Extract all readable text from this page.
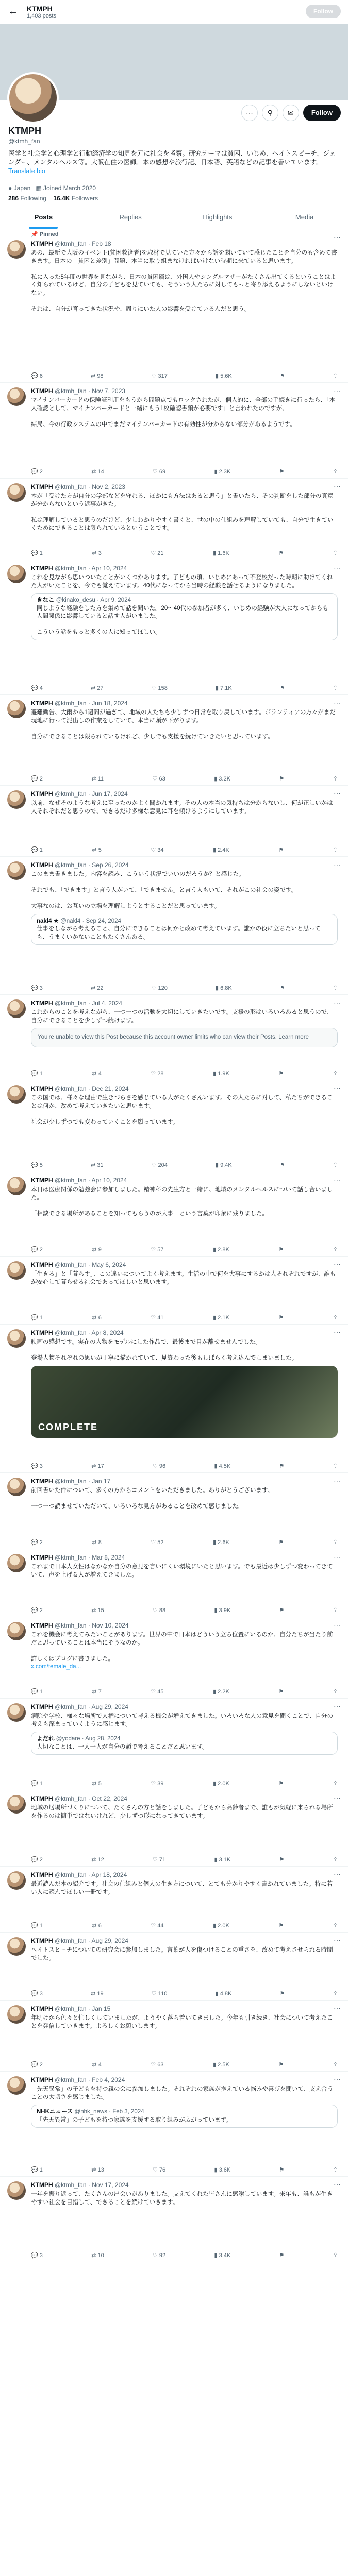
← KTMPH
1,403 posts
Follow
⋯	⚲	✉	Follow
KTMPH
@ktmh_fan
医学と社会学と心理学と行動経済学の知見を元に社会を考察。研究テーマは貧困、いじめ、ヘイトスピーチ、ジェンダー、メンタルヘルス等。大阪在住の医師。本の感想や旅行記、日本語、英語などの記事を書いています。
Translate bio
● Japan ▦ Joined March 2020
286 Following 16.4K Followers
Posts	Replies	Highlights	Media
📌 Pinned
KTMPH @ktmh_fan · Feb 18
⋯
あの、最新で大阪のイベント(貧困救済者)を取材で見ていた方々から話を聞いていて感じたことを自分のも含めて書きます。日本の「貧困と差別」問題、本当に取り組まなければいけない時期に来ていると思います。

私に入った5年間の世界を見ながら、日本の貧困層は、外国人やシングルマザーがたくさん出てくるということはよく知られているけど、自分の子どもを見ていても、そういう人たちに対してもっと寄り添えるようにしないといけない。

それは、自分が育ってきた状況や、周りにいた人の影響を受けているんだと思う。
💬 6	⇄ 98	♡ 317	▮ 5.6K	⚑	⇪
KTMPH @ktmh_fan · Nov 7, 2023	⋯
マイナンバーカードの保険証利用をもうから問題点でもロックされたが、個人的に、全部の手続きに行ったら、「本人確認として、マイナンバーカードと一緒にもう1枚確認書類が必要です」と言われたのですが、

結局、今の行政システムの中でまだマイナンバーカードの有効性が分からない部分があるようです。
💬 2	⇄ 14	♡ 69	▮ 2.3K	⚑	⇪
KTMPH @ktmh_fan · Nov 2, 2023	⋯
本が「受けた方が自分の学部などを守れる、ほかにも方法はあると思う」と書いたら、その判断をした部分の真意が分からないという返事がきた。

私は理解していると思うのだけど、少しわかりやすく書くと、世の中の仕組みを理解していても、自分で生きていくためにできることは限られているということです。
💬 1	⇄ 3	♡ 21	▮ 1.6K	⚑	⇪
KTMPH @ktmh_fan · Apr 10, 2024	⋯
これを見ながら思いついたことがいくつかあります。子どもの頃、いじめにあって不登校だった時期に助けてくれた人がいたことを、今でも覚えています。40代になってから当時の経験を話せるようになりました。
きなこ @kinako_desu · Apr 9, 2024
同じような経験をした方を集めて話を聞いた。20〜40代の参加者が多く、いじめの経験が大人になってからも人間関係に影響していると話す人がいました。

こういう話をもっと多くの人に知ってほしい。
💬 4	⇄ 27	♡ 158	▮ 7.1K	⚑	⇪
KTMPH @ktmh_fan · Jun 18, 2024	⋯
避難勧告、大雨から1週間が過ぎて、地域の人たちも少しずつ日常を取り戻しています。ボランティアの方々がまだ現地に行って泥出しの作業をしていて、本当に頭が下がります。

自分にできることは限られているけれど、少しでも支援を続けていきたいと思っています。
💬 2	⇄ 11	♡ 63	▮ 3.2K	⚑	⇪
KTMPH @ktmh_fan · Jun 17, 2024	⋯
以前、なぜそのような考えに至ったのかよく聞かれます。その人の本当の気持ちは分からないし、何が正しいかは人それぞれだと思うので、できるだけ多様な意見に耳を傾けるようにしています。
💬 1	⇄ 5	♡ 34	▮ 2.4K	⚑	⇪
KTMPH @ktmh_fan · Sep 26, 2024	⋯
このまま書きました。内容を読み、こういう状況でいいのだろうか？と感じた。

それでも、「できます」と言う人がいて、「できません」と言う人もいて、それがこの社会の姿です。

大事なのは、お互いの立場を理解しようとすることだと思っています。
nakl4 ★ @nakl4 · Sep 24, 2024
仕事をしながら考えること、自分にできることは何かと改めて考えています。誰かの役に立ちたいと思っても、うまくいかないこともたくさんある。
💬 3	⇄ 22	♡ 120	▮ 6.8K	⚑	⇪
KTMPH @ktmh_fan · Jul 4, 2024	⋯
これからのことを考えながら、一つ一つの活動を大切にしていきたいです。支援の形はいろいろあると思うので、自分にできることを少しずつ続けます。
You're unable to view this Post because this account owner limits who can view their Posts. Learn more
💬 1	⇄ 4	♡ 28	▮ 1.9K	⚑	⇪
KTMPH @ktmh_fan · Dec 21, 2024	⋯
この国では、様々な理由で生きづらさを感じている人がたくさんいます。その人たちに対して、私たちができることは何か、改めて考えていきたいと思います。

社会が少しずつでも変わっていくことを願っています。
💬 5	⇄ 31	♡ 204	▮ 9.4K	⚑	⇪
KTMPH @ktmh_fan · Apr 10, 2024	⋯
本日は医療関係の勉強会に参加しました。精神科の先生方と一緒に、地域のメンタルヘルスについて話し合いました。

「相談できる場所があることを知ってもらうのが大事」という言葉が印象に残りました。
💬 2	⇄ 9	♡ 57	▮ 2.8K	⚑	⇪
KTMPH @ktmh_fan · May 6, 2024	⋯
「生きる」と「暮らす」、この違いについてよく考えます。生活の中で何を大事にするかは人それぞれですが、誰もが安心して暮らせる社会であってほしいと思います。
💬 1	⇄ 6	♡ 41	▮ 2.1K	⚑	⇪
KTMPH @ktmh_fan · Apr 8, 2024	⋯
映画の感想です。実在の人物をモデルにした作品で、最後まで目が離せませんでした。

登場人物それぞれの思いが丁寧に描かれていて、見終わった後もしばらく考え込んでしまいました。
COMPLETE
💬 3	⇄ 17	♡ 96	▮ 4.5K	⚑	⇪
KTMPH @ktmh_fan · Jan 17	⋯
前回書いた件について、多くの方からコメントをいただきました。ありがとうございます。

一つ一つ読ませていただいて、いろいろな見方があることを改めて感じました。
💬 2	⇄ 8	♡ 52	▮ 2.6K	⚑	⇪
KTMPH @ktmh_fan · Mar 8, 2024	⋯
これまで日本人女性はなかなか自分の意見を言いにくい環境にいたと思います。でも最近は少しずつ変わってきていて、声を上げる人が増えてきました。
💬 2	⇄ 15	♡ 88	▮ 3.9K	⚑	⇪
KTMPH @ktmh_fan · Nov 10, 2024	⋯
これを機会に考えてみたいことがあります。世界の中で日本はどういう立ち位置にいるのか、自分たちが当たり前だと思っていることは本当にそうなのか。

詳しくはブログに書きました。
x.com/female_da...
💬 1	⇄ 7	♡ 45	▮ 2.2K	⚑	⇪
KTMPH @ktmh_fan · Aug 29, 2024	⋯
病院や学校、様々な場所で人権について考える機会が増えてきました。いろいろな人の意見を聞くことで、自分の考えも深まっていくように感じます。
よだれ @yodare · Aug 28, 2024
大切なことは、一人一人が自分の頭で考えることだと思います。
💬 1	⇄ 5	♡ 39	▮ 2.0K	⚑	⇪
KTMPH @ktmh_fan · Oct 22, 2024	⋯
地域の居場所づくりについて、たくさんの方と話をしました。子どもから高齢者まで、誰もが気軽に来られる場所を作るのは簡単ではないけれど、少しずつ形になってきています。
💬 2	⇄ 12	♡ 71	▮ 3.1K	⚑	⇪
KTMPH @ktmh_fan · Apr 18, 2024	⋯
最近読んだ本の紹介です。社会の仕組みと個人の生き方について、とても分かりやすく書かれていました。特に若い人に読んでほしい一冊です。
💬 1	⇄ 6	♡ 44	▮ 2.0K	⚑	⇪
KTMPH @ktmh_fan · Aug 29, 2024	⋯
ヘイトスピーチについての研究会に参加しました。言葉が人を傷つけることの重さを、改めて考えさせられる時間でした。
💬 3	⇄ 19	♡ 110	▮ 4.8K	⚑	⇪
KTMPH @ktmh_fan · Jan 15	⋯
年明けから色々と忙しくしていましたが、ようやく落ち着いてきました。今年も引き続き、社会について考えたことを発信していきます。よろしくお願いします。
💬 2	⇄ 4	♡ 63	▮ 2.5K	⚑	⇪
KTMPH @ktmh_fan · Feb 4, 2024	⋯
「先天異常」の子どもを持つ親の会に参加しました。それぞれの家族が抱えている悩みや喜びを聞いて、支え合うことの大切さを感じました。
NHKニュース @nhk_news · Feb 3, 2024
「先天異常」の子どもを持つ家族を支援する取り組みが広がっています。
💬 1	⇄ 13	♡ 76	▮ 3.6K	⚑	⇪
KTMPH @ktmh_fan · Nov 17, 2024	⋯
一年を振り返って、たくさんの出会いがありました。支えてくれた皆さんに感謝しています。来年も、誰もが生きやすい社会を目指して、できることを続けていきます。
💬 3	⇄ 10	♡ 92	▮ 3.4K	⚑	⇪
